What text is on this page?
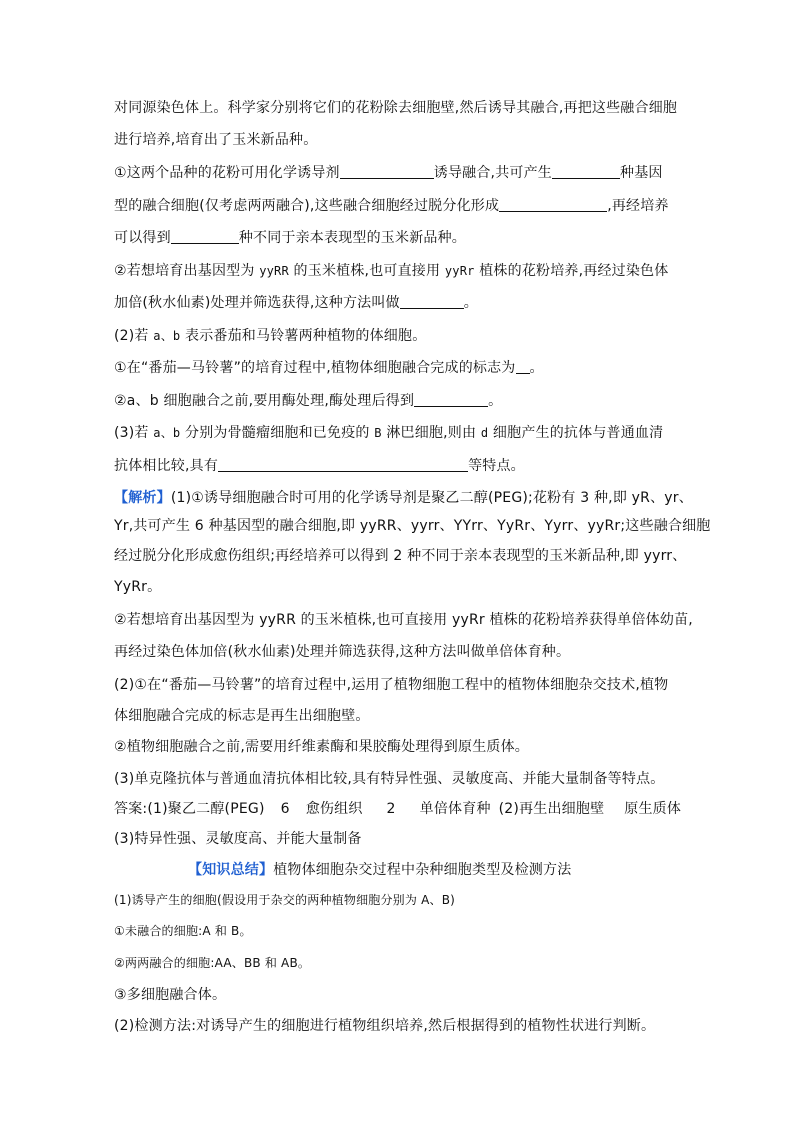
对同源染色体上。科学家分别将它们的花粉除去细胞壁,然后诱导其融合,再把这些融合细胞
进行培养,培育出了玉米新品种。
①这两个品种的花粉可用化学诱导剂	诱导融合,共可产生	种基因
型的融合细胞(仅考虑两两融合),这些融合细胞经过脱分化形成	,再经培养
可以得到	种不同于亲本表现型的玉米新品种。
②若想培育出基因型为 yyRR 的玉米植株,也可直接用 yyRr 植株的花粉培养,再经过染色体
加倍(秋水仙素)处理并筛选获得,这种方法叫做	。
(2)若 a、b 表示番茄和马铃薯两种植物的体细胞。
①在“番茄—马铃薯”的培育过程中,植物体细胞融合完成的标志为 。
②a、b 细胞融合之前,要用酶处理,酶处理后得到	。
(3)若 a、b 分别为骨髓瘤细胞和已免疫的 B 淋巴细胞,则由 d 细胞产生的抗体与普通血清
抗体相比较,具有	等特点。
【解析】(1)①诱导细胞融合时可用的化学诱导剂是聚乙二醇(PEG);花粉有 3 种,即 yR、yr、
Yr,共可产生 6 种基因型的融合细胞,即 yyRR、yyrr、YYrr、YyRr、Yyrr、yyRr;这些融合细胞
经过脱分化形成愈伤组织;再经培养可以得到 2 种不同于亲本表现型的玉米新品种,即 yyrr、
YyRr。
②若想培育出基因型为 yyRR 的玉米植株,也可直接用 yyRr 植株的花粉培养获得单倍体幼苗,
再经过染色体加倍(秋水仙素)处理并筛选获得,这种方法叫做单倍体育种。
(2)①在“番茄—马铃薯”的培育过程中,运用了植物细胞工程中的植物体细胞杂交技术,植物
体细胞融合完成的标志是再生出细胞壁。
②植物细胞融合之前,需要用纤维素酶和果胶酶处理得到原生质体。
(3)单克隆抗体与普通血清抗体相比较,具有特异性强、灵敏度高、并能大量制备等特点。
答案:(1)聚乙二醇(PEG) 6 愈伤组织 2 单倍体育种 (2)再生出细胞壁 原生质体
(3)特异性强、灵敏度高、并能大量制备
【知识总结】植物体细胞杂交过程中杂种细胞类型及检测方法
(1)诱导产生的细胞(假设用于杂交的两种植物细胞分别为 A、B)
①未融合的细胞:A 和 B。
②两两融合的细胞:AA、BB 和 AB。
③多细胞融合体。
(2)检测方法:对诱导产生的细胞进行植物组织培养,然后根据得到的植物性状进行判断。
